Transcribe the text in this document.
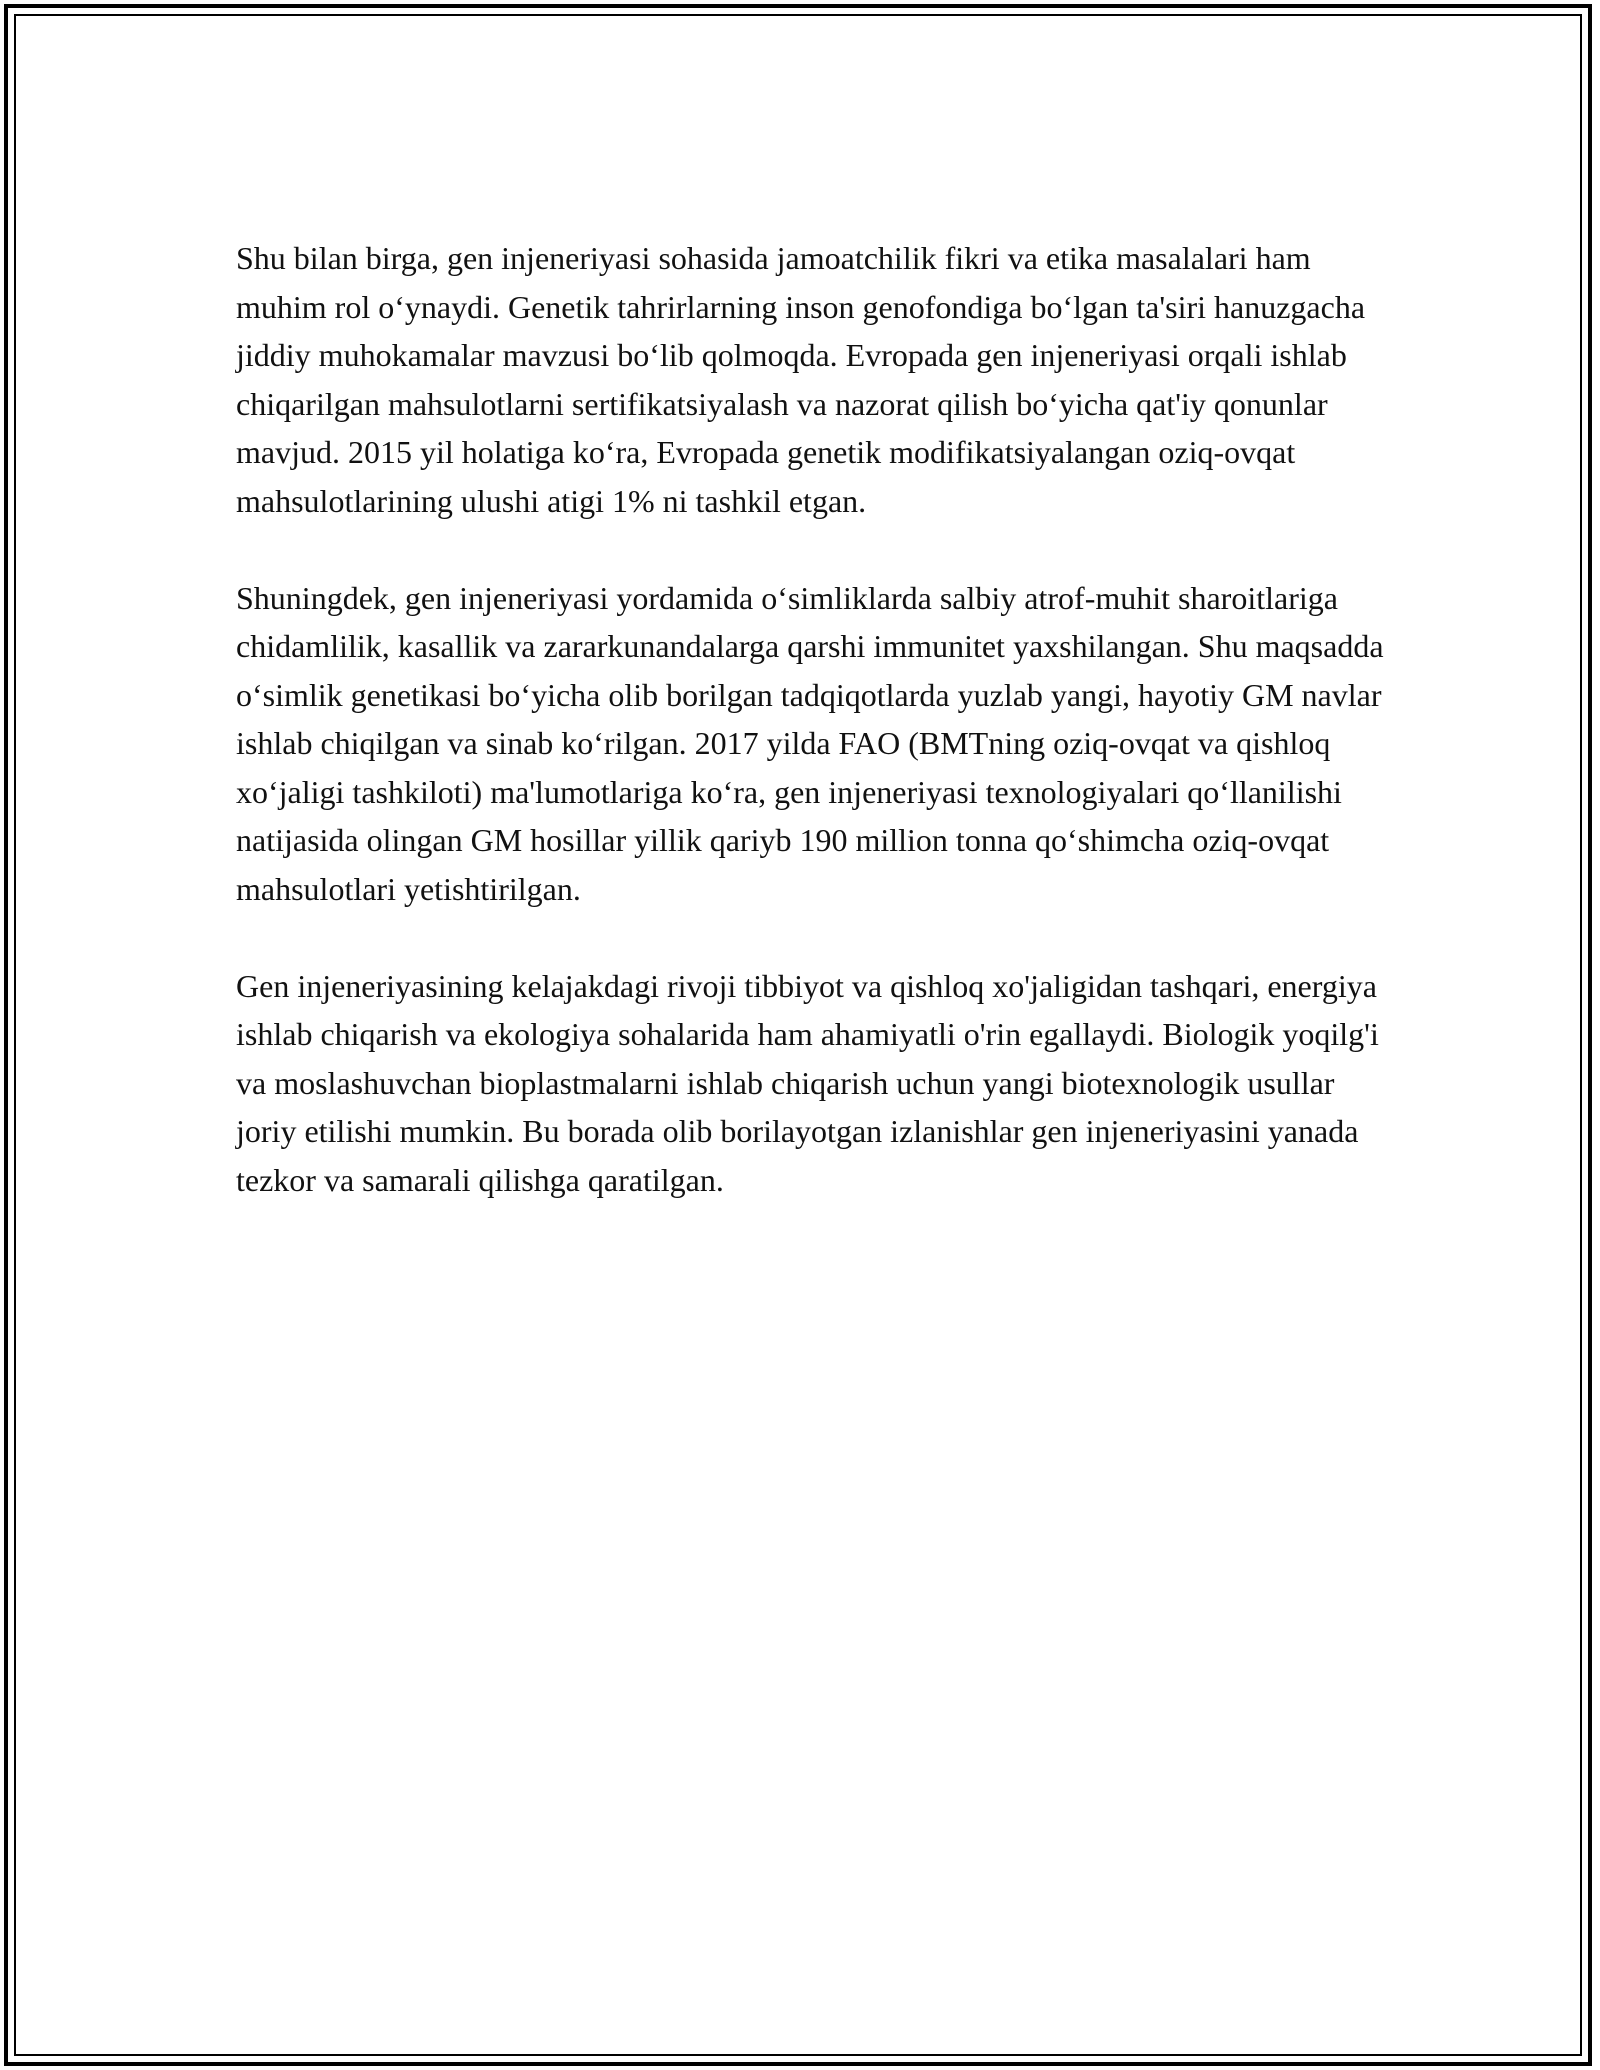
Shu bilan birga, gen injeneriyasi sohasida jamoatchilik fikri va etika masalalari ham muhim rol o‘ynaydi. Genetik tahrirlarning inson genofondiga bo‘lgan ta'siri hanuzgacha jiddiy muhokamalar mavzusi bo‘lib qolmoqda. Evropada gen injeneriyasi orqali ishlab chiqarilgan mahsulotlarni sertifikatsiyalash va nazorat qilish bo‘yicha qat'iy qonunlar mavjud. 2015 yil holatiga ko‘ra, Evropada genetik modifikatsiyalangan oziq-ovqat mahsulotlarining ulushi atigi 1% ni tashkil etgan.

Shuningdek, gen injeneriyasi yordamida o‘simliklarda salbiy atrof-muhit sharoitlariga chidamlilik, kasallik va zararkunandalarga qarshi immunitet yaxshilangan. Shu maqsadda o‘simlik genetikasi bo‘yicha olib borilgan tadqiqotlarda yuzlab yangi, hayotiy GM navlar ishlab chiqilgan va sinab ko‘rilgan. 2017 yilda FAO (BMTning oziq-ovqat va qishloq xo‘jaligi tashkiloti) ma'lumotlariga ko‘ra, gen injeneriyasi texnologiyalari qo‘llanilishi natijasida olingan GM hosillar yillik qariyb 190 million tonna qo‘shimcha oziq-ovqat mahsulotlari yetishtirilgan.

Gen injeneriyasining kelajakdagi rivoji tibbiyot va qishloq xo'jaligidan tashqari, energiya ishlab chiqarish va ekologiya sohalarida ham ahamiyatli o'rin egallaydi. Biologik yoqilg'i va moslashuvchan bioplastmalarni ishlab chiqarish uchun yangi biotexnologik usullar joriy etilishi mumkin. Bu borada olib borilayotgan izlanishlar gen injeneriyasini yanada tezkor va samarali qilishga qaratilgan.
